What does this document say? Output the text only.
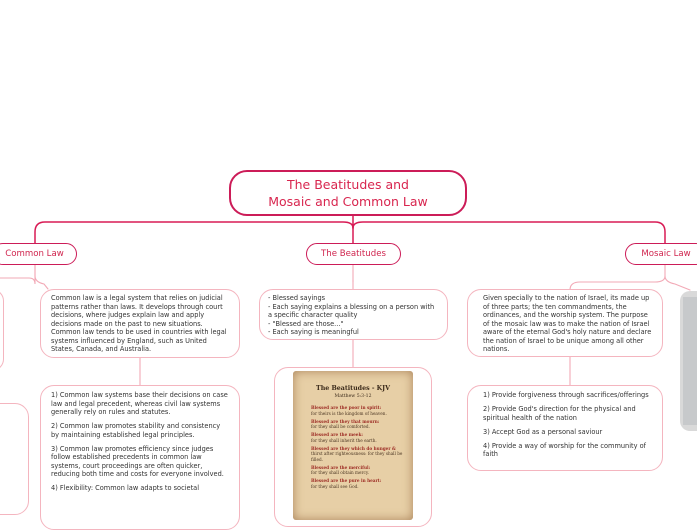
The Beatitudes and
Mosaic and Common Law
Common Law	The Beatitudes	Mosaic Law

Common law is a legal system that relies on judicial patterns rather than laws. It develops through court decisions, where judges explain law and apply decisions made on the past to new situations. Common law tends to be used in countries with legal systems influenced by England, such as United States, Canada, and Australia.

1) Common law systems base their decisions on case law and legal precedent, whereas civil law systems generally rely on rules and statutes.

2) Common law promotes stability and consistency by maintaining established legal principles.

3) Common law promotes efficiency since judges follow established precedents in common law systems, court proceedings are often quicker, reducing both time and costs for everyone involved.

4) Flexibility: Common law adapts to societal

- Blessed sayings
- Each saying explains a blessing on a person with a specific character quality
- "Blessed are those..."
- Each saying is meaningful

The Beatitudes - KJV
Matthew 5:3-12
Blessed are the poor in spirit:
for theirs is the kingdom of heaven.
Blessed are they that mourn:
for they shall be comforted.
Blessed are the meek:
for they shall inherit the earth.
Blessed are they which do hunger &
thirst after righteousness: for they shall be filled.
Blessed are the merciful:
for they shall obtain mercy.
Blessed are the pure in heart:
for they shall see God.

Given specially to the nation of Israel, its made up of three parts; the ten commandments, the ordinances, and the worship system. The purpose of the mosaic law was to make the nation of Israel aware of the eternal God's holy nature and declare the nation of Israel to be unique among all other nations.

1) Provide forgiveness through sacrifices/offerings

2) Provide God's direction for the physical and spiritual health of the nation

3) Accept God as a personal saviour

4) Provide a way of worship for the community of faith
